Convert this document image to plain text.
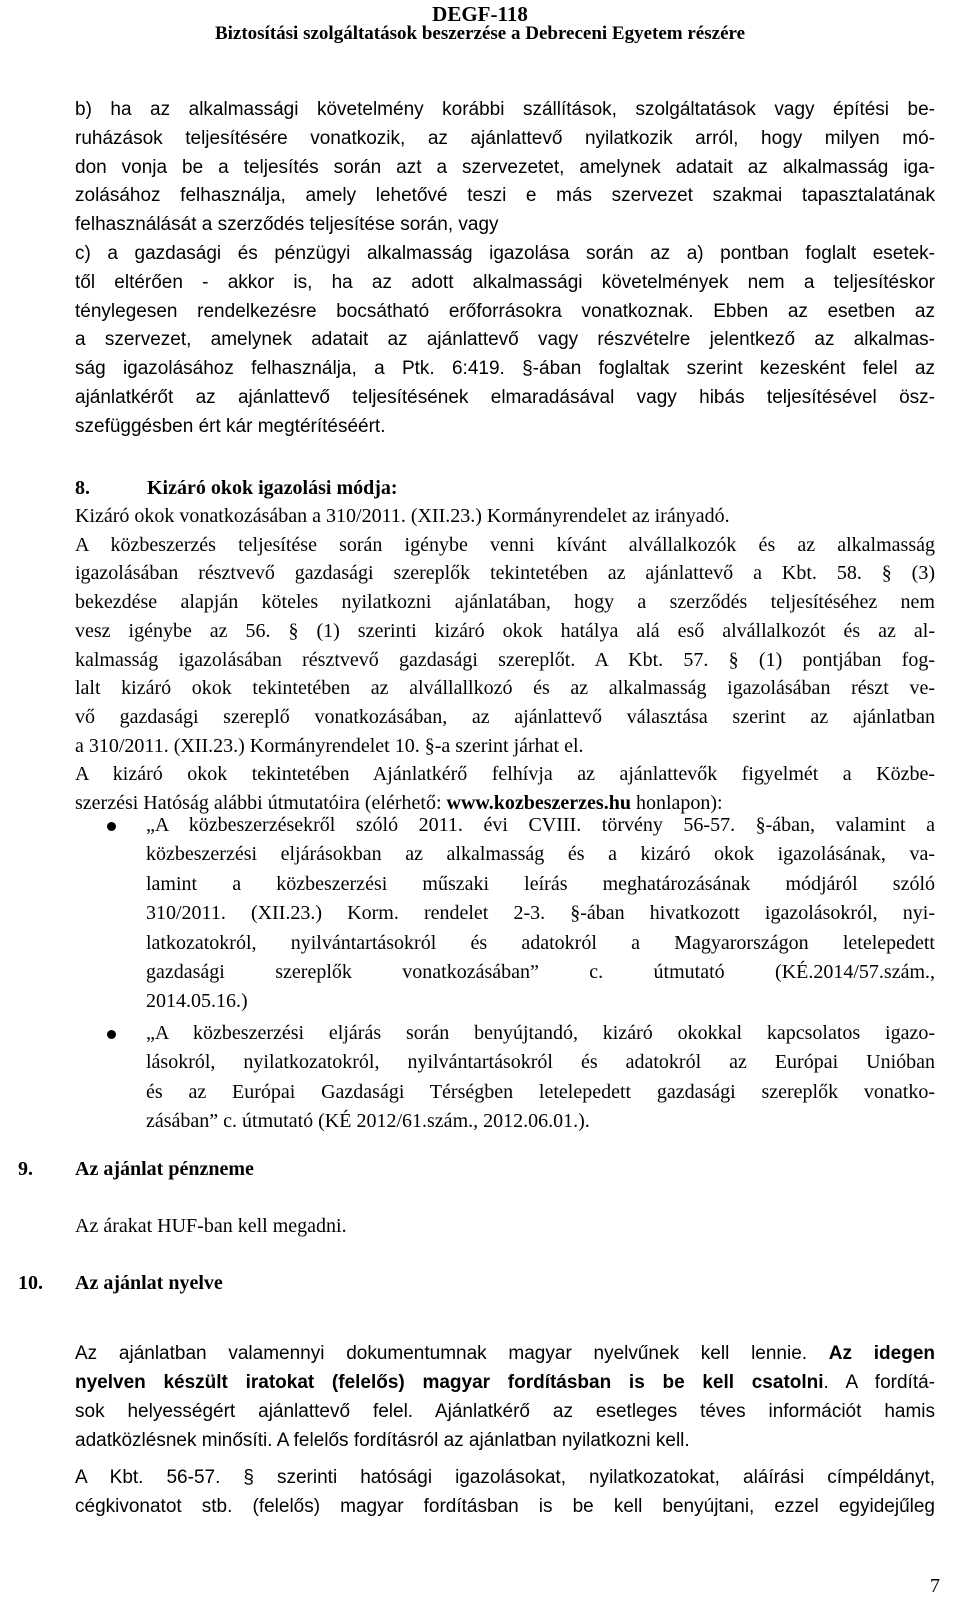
DEGF-118
Biztosítási szolgáltatások beszerzése a Debreceni Egyetem részére
b) ha az alkalmassági követelmény korábbi szállítások, szolgáltatások vagy építési be-
ruházások teljesítésére vonatkozik, az ajánlattevő nyilatkozik arról, hogy milyen mó-
don vonja be a teljesítés során azt a szervezetet, amelynek adatait az alkalmasság iga-
zolásához felhasználja, amely lehetővé teszi e más szervezet szakmai tapasztalatának
felhasználását a szerződés teljesítése során, vagy
c) a gazdasági és pénzügyi alkalmasság igazolása során az a) pontban foglalt esetek-
től eltérően - akkor is, ha az adott alkalmassági követelmények nem a teljesítéskor
ténylegesen rendelkezésre bocsátható erőforrásokra vonatkoznak. Ebben az esetben az
a szervezet, amelynek adatait az ajánlattevő vagy részvételre jelentkező az alkalmas-
ság igazolásához felhasználja, a Ptk. 6:419. §-ában foglaltak szerint kezesként felel az
ajánlatkérőt az ajánlattevő teljesítésének elmaradásával vagy hibás teljesítésével ösz-
szefüggésben ért kár megtérítéséért.
8.	Kizáró okok igazolási módja:
Kizáró okok vonatkozásában a 310/2011. (XII.23.) Kormányrendelet az irányadó.
A közbeszerzés teljesítése során igénybe venni kívánt alvállalkozók és az alkalmasság
igazolásában résztvevő gazdasági szereplők tekintetében az ajánlattevő a Kbt. 58. § (3)
bekezdése alapján köteles nyilatkozni ajánlatában, hogy a szerződés teljesítéséhez nem
vesz igénybe az 56. § (1) szerinti kizáró okok hatálya alá eső alvállalkozót és az al-
kalmasság igazolásában résztvevő gazdasági szereplőt. A Kbt. 57. § (1) pontjában fog-
lalt kizáró okok tekintetében az alvállallkozó és az alkalmasság igazolásában részt ve-
vő gazdasági szereplő vonatkozásában, az ajánlattevő választása szerint az ajánlatban
a 310/2011. (XII.23.) Kormányrendelet 10. §-a szerint járhat el.
A kizáró okok tekintetében Ajánlatkérő felhívja az ajánlattevők figyelmét a Közbe-
szerzési Hatóság alábbi útmutatóira (elérhető: www.kozbeszerzes.hu honlapon):
„A közbeszerzésekről szóló 2011. évi CVIII. törvény 56-57. §-ában, valamint a
közbeszerzési eljárásokban az alkalmasság és a kizáró okok igazolásának, va-
lamint a közbeszerzési műszaki leírás meghatározásának módjáról szóló
310/2011. (XII.23.) Korm. rendelet 2-3. §-ában hivatkozott igazolásokról, nyi-
latkozatokról, nyilvántartásokról és adatokról a Magyarországon letelepedett
gazdasági szereplők vonatkozásában” c. útmutató (KÉ.2014/57.szám.,
2014.05.16.)
„A közbeszerzési eljárás során benyújtandó, kizáró okokkal kapcsolatos igazo-
lásokról, nyilatkozatokról, nyilvántartásokról és adatokról az Európai Unióban
és az Európai Gazdasági Térségben letelepedett gazdasági szereplők vonatko-
zásában” c. útmutató (KÉ 2012/61.szám., 2012.06.01.).
9. Az ajánlat pénzneme
Az árakat HUF-ban kell megadni.
10. Az ajánlat nyelve
Az ajánlatban valamennyi dokumentumnak magyar nyelvűnek kell lennie. Az idegen
nyelven készült iratokat (felelős) magyar fordításban is be kell csatolni. A fordítá-
sok helyességért ajánlattevő felel. Ajánlatkérő az esetleges téves információt hamis
adatközlésnek minősíti. A felelős fordításról az ajánlatban nyilatkozni kell.
A Kbt. 56-57. § szerinti hatósági igazolásokat, nyilatkozatokat, aláírási címpéldányt,
cégkivonatot stb. (felelős) magyar fordításban is be kell benyújtani, ezzel egyidejűleg
7
